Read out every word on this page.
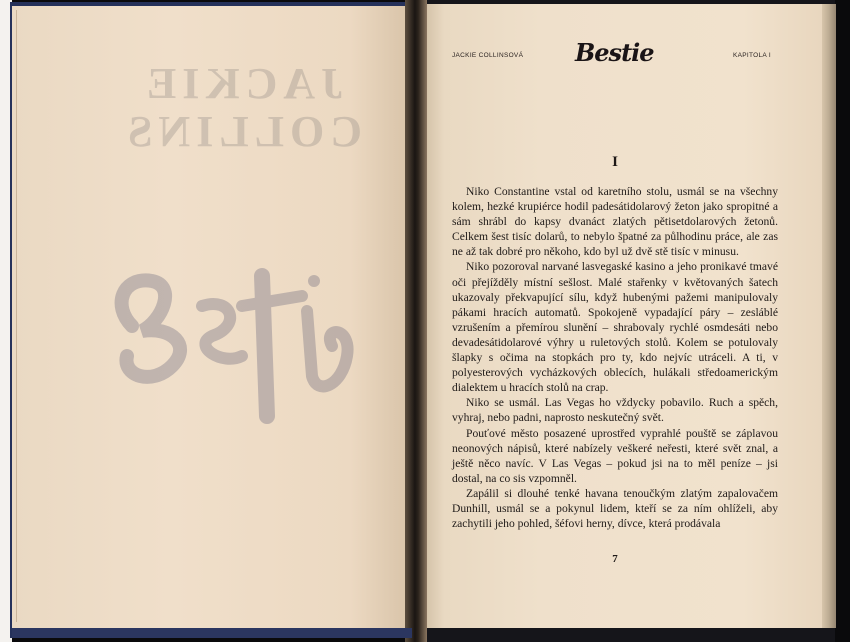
JACKIE
COLLINS
JACKIE COLLINSOVÁ Bestie	KAPITOLA I
I

Niko Constantine vstal od karetního stolu, usmál se na všechny kolem, hezké krupiérce hodil padesátidolarový žeton jako spropitné a sám shrábl do kapsy dvanáct zlatých pětisetdolarových žetonů. Celkem šest tisíc dolarů, to nebylo špatné za půlhodinu práce, ale zas ne až tak dobré pro někoho, kdo byl už dvě stě tisíc v minusu.

Niko pozoroval narvané lasvegaské kasino a jeho pronikavé tmavé oči přejížděly místní sešlost. Malé stařenky v květovaných šatech ukazovaly překvapující sílu, když hubenými pažemi manipulovaly pákami hracích automatů. Spokojeně vypadající páry – zesláblé vzrušením a přemírou slunění – shrabovaly rychlé osmdesáti nebo devadesátidolarové výhry u ruletových stolů. Kolem se potulovaly šlapky s očima na stopkách pro ty, kdo nejvíc utráceli. A ti, v polyesterových vycházkových oblecích, hulákali středoamerickým dialektem u hracích stolů na crap.

Niko se usmál. Las Vegas ho vždycky pobavilo. Ruch a spěch, vyhraj, nebo padni, naprosto neskutečný svět.

Pouťové město posazené uprostřed vyprahlé pouště se záplavou neonových nápisů, které nabízely veškeré neřesti, které svět znal, a ještě něco navíc. V Las Vegas – pokud jsi na to měl peníze – jsi dostal, na co sis vzpomněl.

Zapálil si dlouhé tenké havana tenoučkým zlatým zapalovačem Dunhill, usmál se a pokynul lidem, kteří se za ním ohlíželi, aby zachytili jeho pohled, šéfovi herny, dívce, která prodávala

7
